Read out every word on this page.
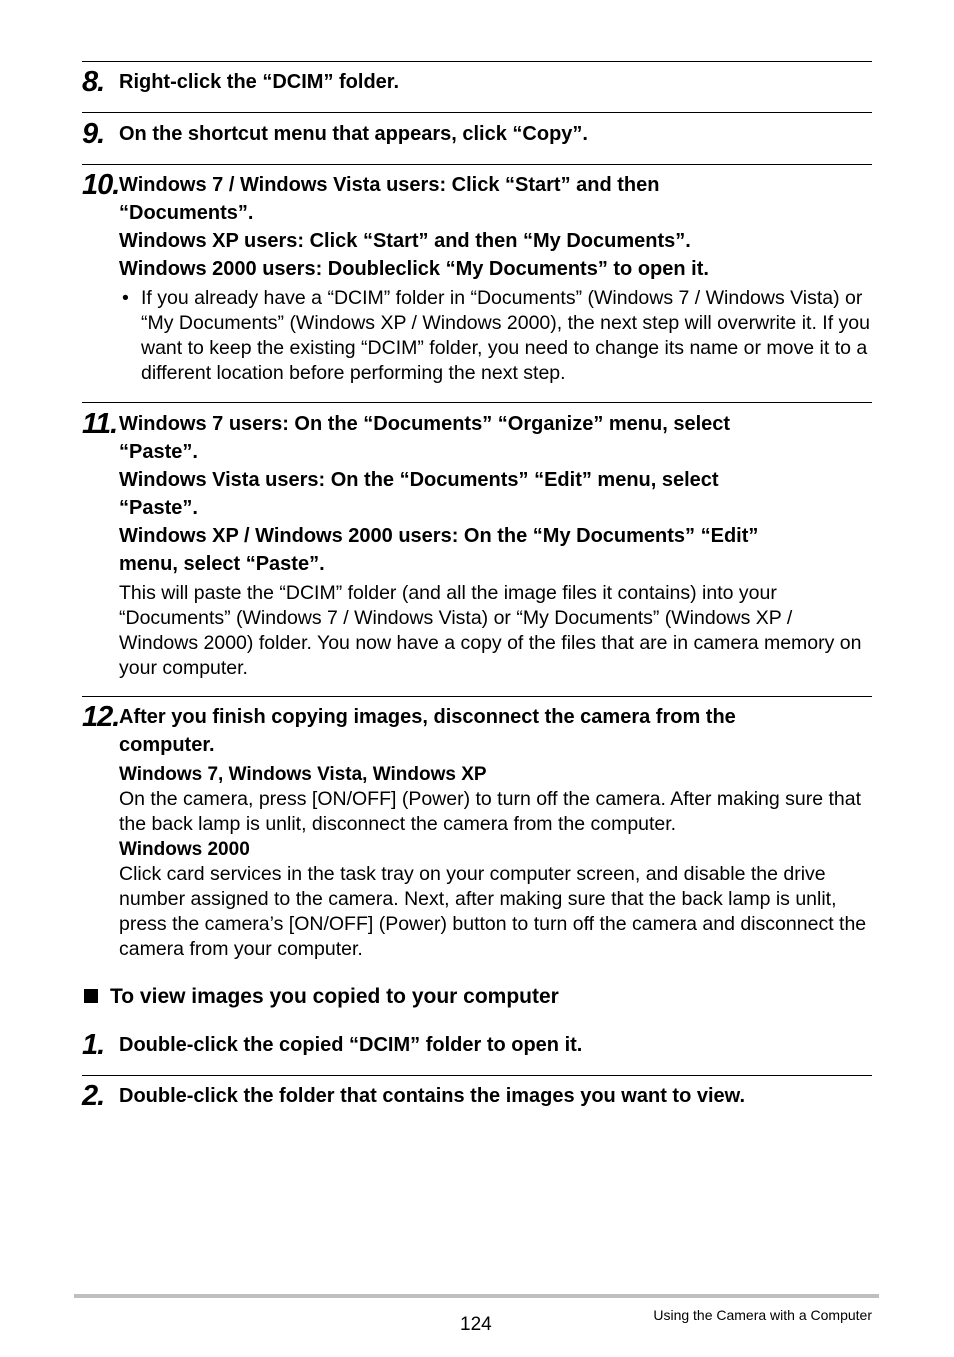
8. Right-click the “DCIM” folder.

9. On the shortcut menu that appears, click “Copy”.

10. Windows 7 / Windows Vista users: Click “Start” and then

“Documents”.

Windows XP users: Click “Start” and then “My Documents”.

Windows 2000 users: Doubleclick “My Documents” to open it.

• If you already have a “DCIM” folder in “Documents” (Windows 7 / Windows Vista) or “My Documents” (Windows XP / Windows 2000), the next step will overwrite it. If you want to keep the existing “DCIM” folder, you need to change its name or move it to a different location before performing the next step.

11. Windows 7 users: On the “Documents” “Organize” menu, select

“Paste”.

Windows Vista users: On the “Documents” “Edit” menu, select

“Paste”.

Windows XP / Windows 2000 users: On the “My Documents” “Edit”

menu, select “Paste”.

This will paste the “DCIM” folder (and all the image files it contains) into your “Documents” (Windows 7 / Windows Vista) or “My Documents” (Windows XP / Windows 2000) folder. You now have a copy of the files that are in camera memory on your computer.

12. After you finish copying images, disconnect the camera from the

computer.

Windows 7, Windows Vista, Windows XP

On the camera, press [ON/OFF] (Power) to turn off the camera. After making sure that the back lamp is unlit, disconnect the camera from the computer.

Windows 2000

Click card services in the task tray on your computer screen, and disable the drive number assigned to the camera. Next, after making sure that the back lamp is unlit, press the camera’s [ON/OFF] (Power) button to turn off the camera and disconnect the camera from your computer.

To view images you copied to your computer
1. Double-click the copied “DCIM” folder to open it.

2. Double-click the folder that contains the images you want to view.

124	Using the Camera with a Computer
